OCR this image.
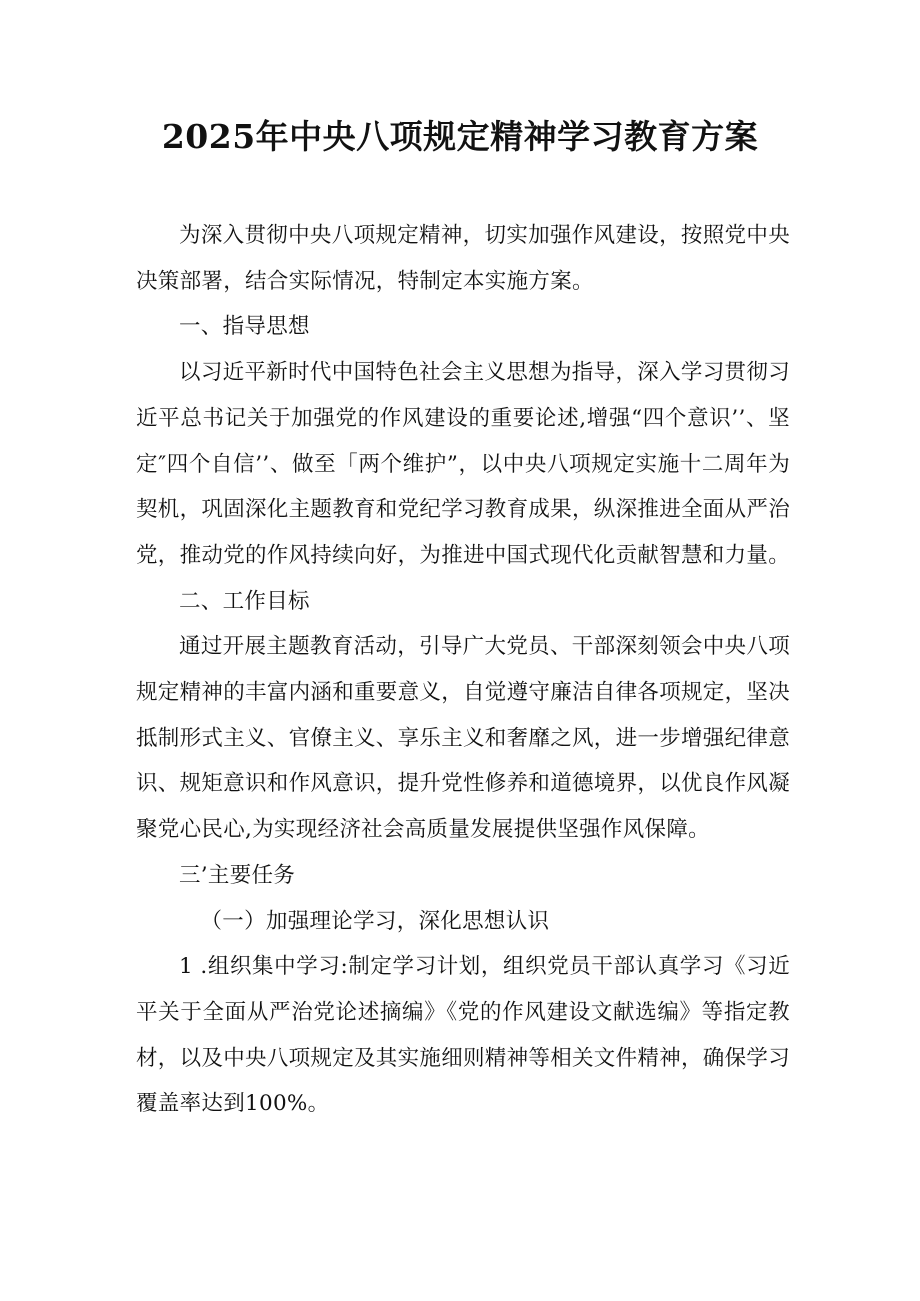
2025年中央八项规定精神学习教育方案

为深入贯彻中央八项规定精神，切实加强作风建设，按照党中央决策部署，结合实际情况，特制定本实施方案。

一、指导思想

以习近平新时代中国特色社会主义思想为指导，深入学习贯彻习近平总书记关于加强党的作风建设的重要论述,增强“四个意识’’、坚定″四个自信’’、做至「两个维护”，以中央八项规定实施十二周年为契机，巩固深化主题教育和党纪学习教育成果，纵深推进全面从严治党，推动党的作风持续向好，为推进中国式现代化贡献智慧和力量。

二、工作目标

通过开展主题教育活动，引导广大党员、干部深刻领会中央八项规定精神的丰富内涵和重要意义，自觉遵守廉洁自律各项规定，坚决抵制形式主义、官僚主义、享乐主义和奢靡之风，进一步增强纪律意识、规矩意识和作风意识，提升党性修养和道德境界，以优良作风凝聚党心民心,为实现经济社会高质量发展提供坚强作风保障。

三’主要任务

（一）加强理论学习，深化思想认识

1 .组织集中学习:制定学习计划，组织党员干部认真学习《习近平关于全面从严治党论述摘编》《党的作风建设文献选编》等指定教材，以及中央八项规定及其实施细则精神等相关文件精神，确保学习覆盖率达到100%。
